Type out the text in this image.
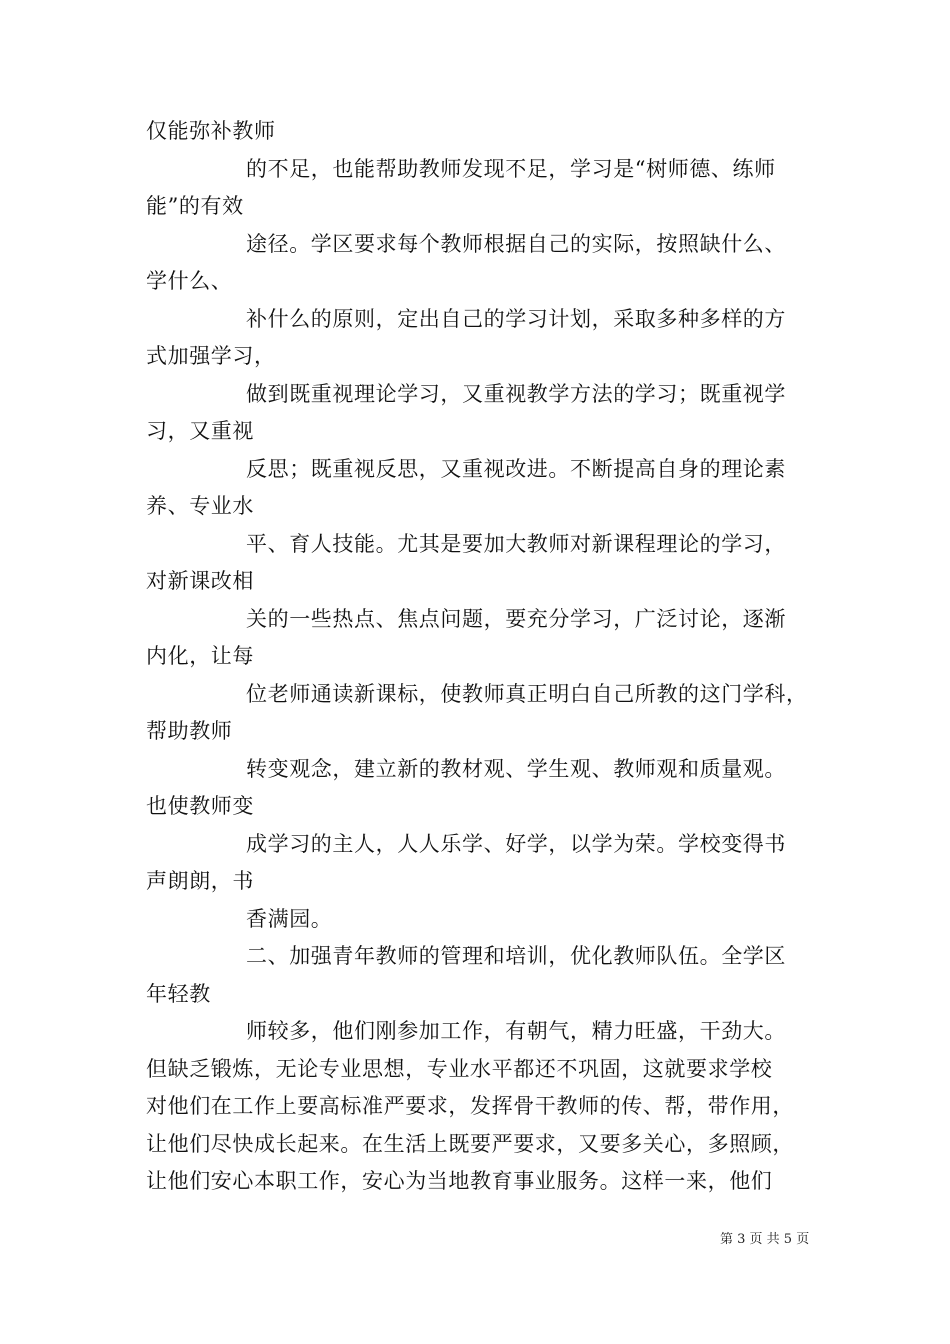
仅能弥补教师
的不足，也能帮助教师发现不足，学习是“树师德、练师
能”的有效
途径。学区要求每个教师根据自己的实际，按照缺什么、
学什么、
补什么的原则，定出自己的学习计划，采取多种多样的方
式加强学习，
做到既重视理论学习，又重视教学方法的学习；既重视学
习，又重视
反思；既重视反思，又重视改进。不断提高自身的理论素
养、专业水
平、育人技能。尤其是要加大教师对新课程理论的学习，
对新课改相
关的一些热点、焦点问题，要充分学习，广泛讨论，逐渐
内化，让每
位老师通读新课标，使教师真正明白自己所教的这门学科，
帮助教师
转变观念，建立新的教材观、学生观、教师观和质量观。
也使教师变
成学习的主人，人人乐学、好学，以学为荣。学校变得书
声朗朗，书
香满园。
二、加强青年教师的管理和培训，优化教师队伍。全学区
年轻教
师较多，他们刚参加工作，有朝气，精力旺盛，干劲大。
但缺乏锻炼，无论专业思想，专业水平都还不巩固，这就要求学校
对他们在工作上要高标准严要求，发挥骨干教师的传、帮，带作用，
让他们尽快成长起来。在生活上既要严要求，又要多关心，多照顾，
让他们安心本职工作，安心为当地教育事业服务。这样一来，他们
第 3 页 共 5 页
